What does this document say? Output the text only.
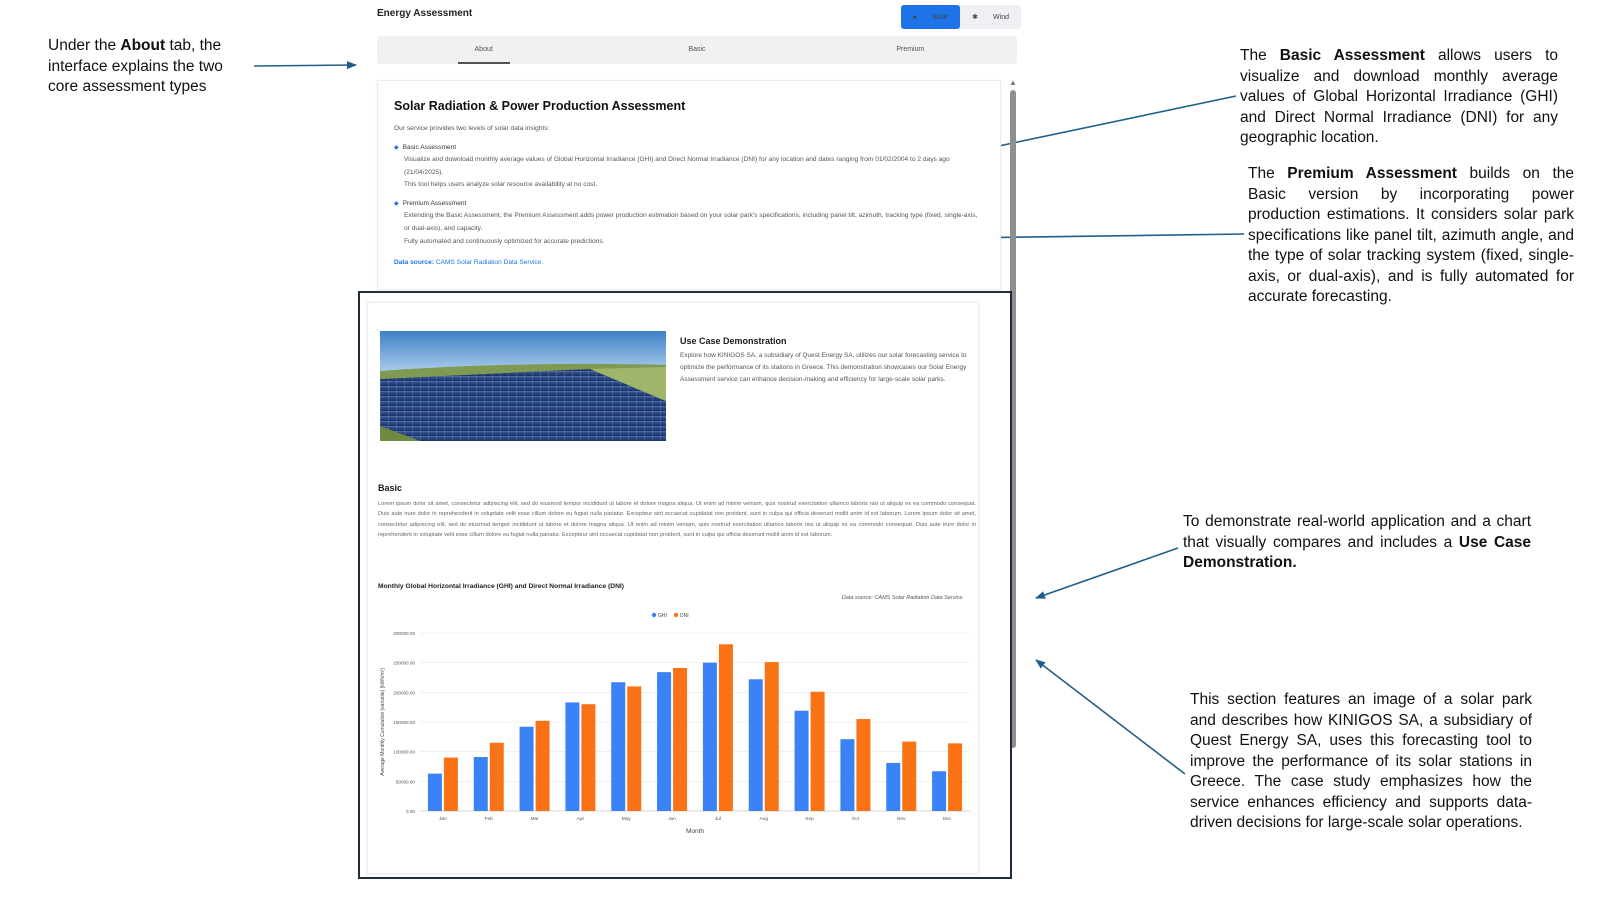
Under the About tab, the interface explains the two core assessment types
The Basic Assessment allows users to visualize and download monthly average values of Global Horizontal Irradiance (GHI) and Direct Normal Irradiance (DNI) for any geographic location.
The Premium Assessment builds on the Basic version by incorporating power production estimations. It considers solar park specifications like panel tilt, azimuth angle, and the type of solar tracking system (fixed, single-axis, or dual-axis), and is fully automated for accurate forecasting.
To demonstrate real-world application and a chart that visually compares and includes a Use Case Demonstration.
This section features an image of a solar park and describes how KINIGOS SA, a subsidiary of Quest Energy SA, uses this forecasting tool to improve the performance of its solar stations in Greece. The case study emphasizes how the service enhances efficiency and supports data-driven decisions for large-scale solar operations.
Energy Assessment	●	Solar	✱	Wind
About	Basic	Premium
▲
Solar Radiation & Power Production Assessment
Our service provides two levels of solar data insights:
◆ Basic Assessment
Visualize and download monthly average values of Global Horizontal Irradiance (GHI) and Direct Normal Irradiance (DNI) for any location and dates ranging from 01/02/2004 to 2 days ago (21/04/2025).
This tool helps users analyze solar resource availability at no cost.
◆ Premium Assessment
Extending the Basic Assessment, the Premium Assessment adds power production estimation based on your solar park's specifications, including panel tilt, azimuth, tracking type (fixed, single-axis, or dual-axis), and capacity.
Fully automated and continuously optimized for accurate predictions.
Data source: CAMS Solar Radiation Data Service.
Use Case Demonstration
Explore how KINIGOS SA, a subsidiary of Quest Energy SA, utilizes our solar forecasting service to optimize the performance of its stations in Greece. This demonstration showcases our Solar Energy Assessment service can enhance decision-making and efficiency for large-scale solar parks.
Basic
Lorem ipsum dolor sit amet, consectetur adipiscing elit, sed do eiusmod tempor incididunt ut labore et dolore magna aliqua. Ut enim ad minim veniam, quis nostrud exercitation ullamco laboris nisi ut aliquip ex ea commodo consequat. Duis aute irure dolor in reprehenderit in voluptate velit esse cillum dolore eu fugiat nulla pariatur. Excepteur sint occaecat cupidatat non proident, sunt in culpa qui officia deserunt mollit anim id est laborum. Lorem ipsum dolor sit amet, consectetur adipiscing elit, sed do eiusmod tempor incididunt ut labore et dolore magna aliqua. Ut enim ad minim veniam, quis nostrud exercitation ullamco laboris nisi ut aliquip ex ea commodo consequat. Duis aute irure dolor in reprehenderit in voluptate velit esse cillum dolore eu fugiat nulla pariatur. Excepteur sint occaecat cupidatat non proident, sunt in culpa qui officia deserunt mollit anim id est laborum.
Monthly Global Horizontal Irradiance (GHI) and Direct Normal Irradiance (DNI)
Data source: CAMS Solar Radiation Data Service.
0.00
50000.00
100000.00
150000.00
200000.00
250000.00
300000.00
GHI	DNI
Jan	Feb	Mar	Apr	May	Jun	Jul	Aug	Sep	Oct	Nov	Dec
Month
Average Monthly Cumulative (variable) [kWh/m²]
